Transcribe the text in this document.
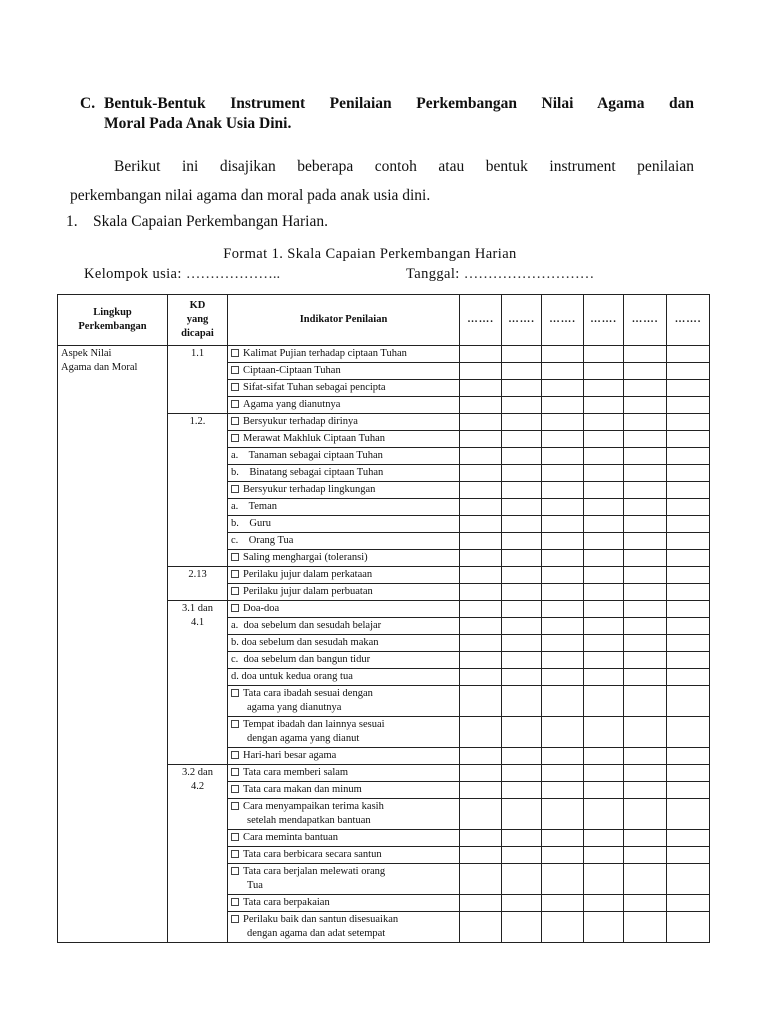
C. Bentuk-Bentuk Instrument Penilaian Perkembangan Nilai Agama dan
Moral Pada Anak Usia Dini.
Berikut ini disajikan beberapa contoh atau bentuk instrument penilaian
perkembangan nilai agama dan moral pada anak usia dini.
1. Skala Capaian Perkembangan Harian.
Format 1. Skala Capaian Perkembangan Harian
Kelompok usia: ………………..	Tanggal: ………………………
Lingkup
Perkembangan	KD
yang
dicapai	Indikator Penilaian	…….	…….	…….	…….	…….	…….
Aspek Nilai
Agama dan Moral	1.1	Kalimat Pujian terhadap ciptaan Tuhan						
		Ciptaan-Ciptaan Tuhan						
		Sifat-sifat Tuhan sebagai pencipta						
		Agama yang dianutnya						
	1.2.	Bersyukur terhadap dirinya						
		Merawat Makhluk Ciptaan Tuhan						
		a.    Tanaman sebagai ciptaan Tuhan						
		b.    Binatang sebagai ciptaan Tuhan						
		Bersyukur terhadap lingkungan						
		a.    Teman						
		b.    Guru						
		c.    Orang Tua						
		Saling menghargai (toleransi)						
	2.13	Perilaku jujur dalam perkataan						
		Perilaku jujur dalam perbuatan						
	3.1 dan
4.1	Doa-doa						
		a.  doa sebelum dan sesudah belajar						
		b. doa sebelum dan sesudah makan						
		c.  doa sebelum dan bangun tidur						
		d. doa untuk kedua orang tua						
		Tata cara ibadah sesuai dengan
agama yang dianutnya						

		Tempat ibadah dan lainnya sesuai
dengan agama yang dianut						

		Hari-hari besar agama						
	3.2 dan
4.2	Tata cara memberi salam						
		Tata cara makan dan minum						
		Cara menyampaikan terima kasih
setelah mendapatkan bantuan						

		Cara meminta bantuan						
		Tata cara berbicara secara santun						
		Tata cara berjalan melewati orang
Tua						

		Tata cara berpakaian						
		Perilaku baik dan santun disesuaikan
dengan agama dan adat setempat						
